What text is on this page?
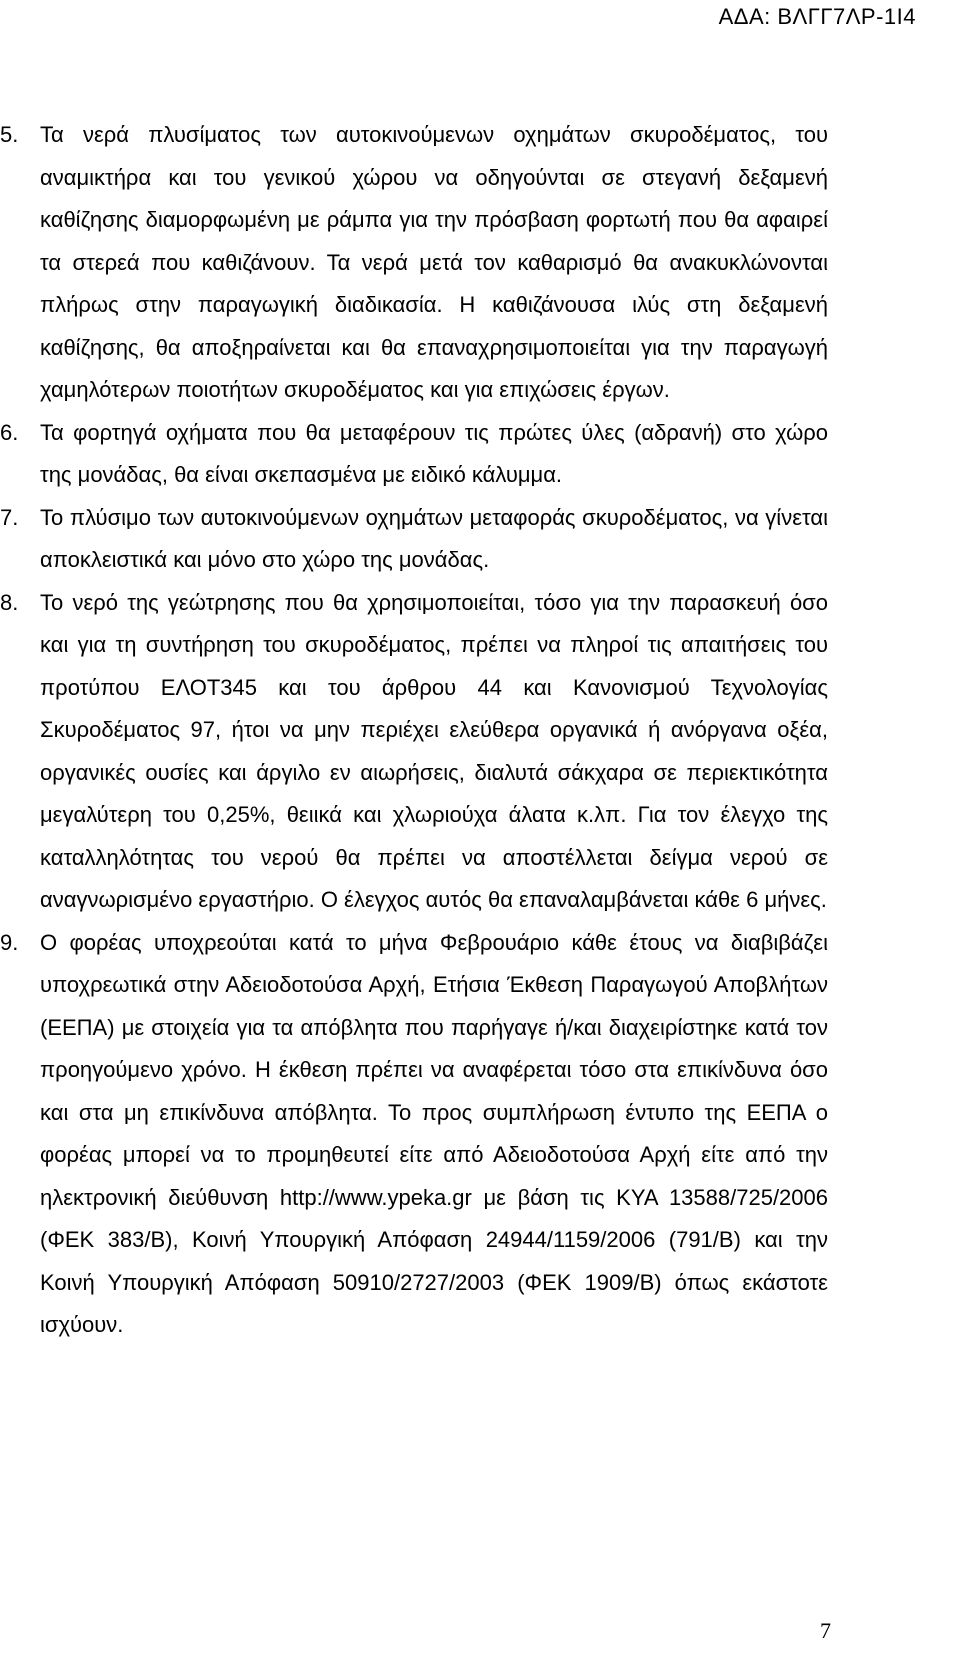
ΑΔΑ: ΒΛΓΓ7ΛΡ-1Ι4
5. Τα νερά πλυσίματος των αυτοκινούμενων οχημάτων σκυροδέματος, του αναμικτήρα και του γενικού χώρου να οδηγούνται σε στεγανή δεξαμενή καθίζησης διαμορφωμένη με ράμπα για την πρόσβαση φορτωτή που θα αφαιρεί τα στερεά που καθιζάνουν. Τα νερά μετά τον καθαρισμό θα ανακυκλώνονται πλήρως στην παραγωγική διαδικασία. Η καθιζάνουσα ιλύς στη δεξαμενή καθίζησης, θα αποξηραίνεται και θα επαναχρησιμοποιείται για την παραγωγή χαμηλότερων ποιοτήτων σκυροδέματος και για επιχώσεις έργων.
6. Τα φορτηγά οχήματα που θα μεταφέρουν τις πρώτες ύλες (αδρανή) στο χώρο της μονάδας, θα είναι σκεπασμένα με ειδικό κάλυμμα.
7. Το πλύσιμο των αυτοκινούμενων οχημάτων μεταφοράς σκυροδέματος, να γίνεται αποκλειστικά και μόνο στο χώρο της μονάδας.
8. Το νερό της γεώτρησης που θα χρησιμοποιείται, τόσο για την παρασκευή όσο και για τη συντήρηση του σκυροδέματος, πρέπει να πληροί τις απαιτήσεις του προτύπου ΕΛΟΤ345 και του άρθρου 44 και Κανονισμού Τεχνολογίας Σκυροδέματος 97, ήτοι να μην περιέχει ελεύθερα οργανικά ή ανόργανα οξέα, οργανικές ουσίες και άργιλο εν αιωρήσεις, διαλυτά σάκχαρα σε περιεκτικότητα μεγαλύτερη του 0,25%, θειικά και χλωριούχα άλατα κ.λπ. Για τον έλεγχο της καταλληλότητας του νερού θα πρέπει να αποστέλλεται δείγμα νερού σε αναγνωρισμένο εργαστήριο. Ο έλεγχος αυτός θα επαναλαμβάνεται κάθε 6 μήνες.
9. Ο φορέας υποχρεούται κατά το μήνα Φεβρουάριο κάθε έτους να διαβιβάζει υποχρεωτικά στην Αδειοδοτούσα Αρχή, Ετήσια Έκθεση Παραγωγού Αποβλήτων (ΕΕΠΑ) με στοιχεία για τα απόβλητα που παρήγαγε ή/και διαχειρίστηκε κατά τον προηγούμενο χρόνο. Η έκθεση πρέπει να αναφέρεται τόσο στα επικίνδυνα όσο και στα μη επικίνδυνα απόβλητα. Το προς συμπλήρωση έντυπο της ΕΕΠΑ ο φορέας μπορεί να το προμηθευτεί είτε από Αδειοδοτούσα Αρχή είτε από την ηλεκτρονική διεύθυνση http://www.ypeka.gr με βάση τις ΚΥΑ 13588/725/2006 (ΦΕΚ 383/Β), Κοινή Υπουργική Απόφαση 24944/1159/2006 (791/Β) και την Κοινή Υπουργική Απόφαση 50910/2727/2003 (ΦΕΚ 1909/Β) όπως εκάστοτε ισχύουν.
7
